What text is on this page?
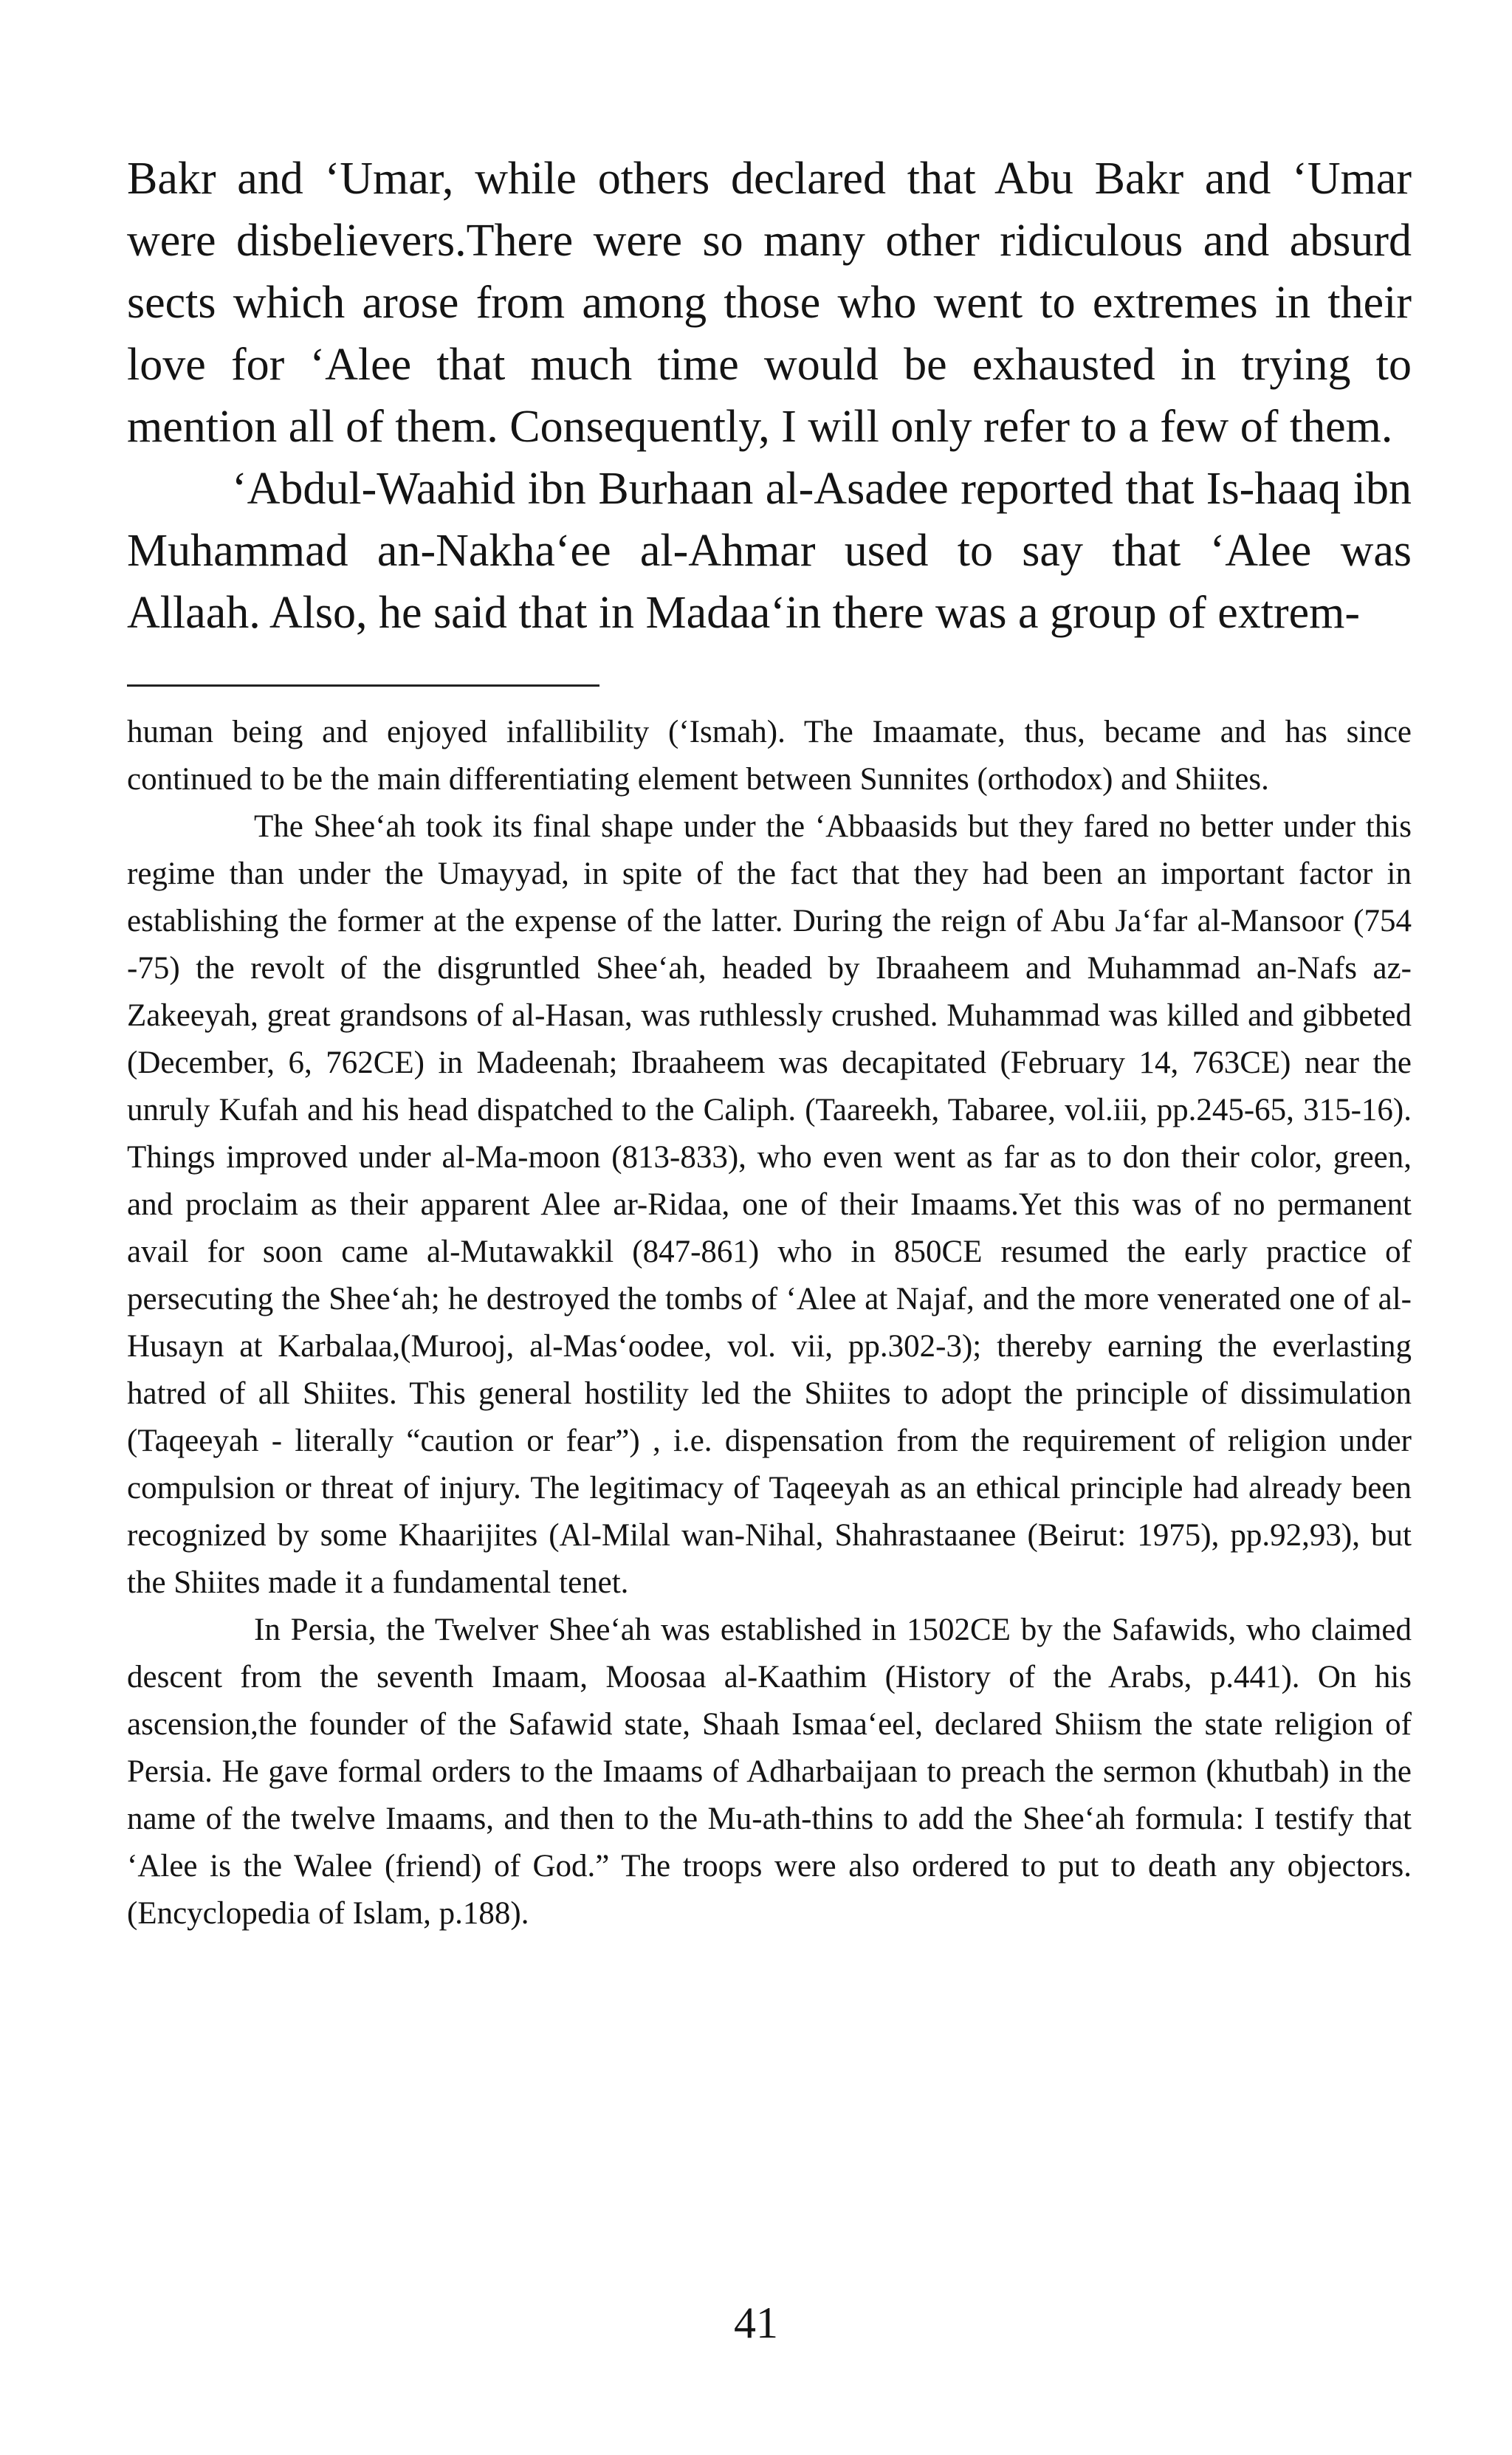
Bakr and ‘Umar, while others declared that Abu Bakr and ‘Umar were disbelievers.There were so many other ridiculous and absurd sects which arose from among those who went to extremes in their love for ‘Alee that much time would be exhausted in trying to mention all of them. Consequently, I will only refer to a few of them.

‘Abdul-Waahid ibn Burhaan al-Asadee reported that Is-haaq ibn Muhammad an-Nakha‘ee al-Ahmar used to say that ‘Alee was Allaah. Also, he said that in Madaa‘in there was a group of extrem-

human being and enjoyed infallibility (‘Ismah). The Imaamate, thus, became and has since continued to be the main differentiating element between Sunnites (orthodox) and Shiites.

The Shee‘ah took its final shape under the ‘Abbaasids but they fared no better under this regime than under the Umayyad, in spite of the fact that they had been an important factor in establishing the former at the expense of the latter. During the reign of Abu Ja‘far al-Mansoor (754 -75) the revolt of the disgruntled Shee‘ah, headed by Ibraaheem and Muhammad an-Nafs az-Zakeeyah, great grandsons of al-Hasan, was ruthlessly crushed. Muhammad was killed and gibbeted (December, 6, 762CE) in Madeenah; Ibraaheem was decapitated (February 14, 763CE) near the unruly Kufah and his head dispatched to the Caliph. (Taareekh, Tabaree, vol.iii, pp.245-65, 315-16). Things improved under al-Ma-moon (813-833), who even went as far as to don their color, green, and proclaim as their apparent Alee ar-Ridaa, one of their Imaams.Yet this was of no permanent avail for soon came al-Mutawakkil (847-861) who in 850CE resumed the early practice of persecuting the Shee‘ah; he destroyed the tombs of ‘Alee at Najaf, and the more venerated one of al-Husayn at Karbalaa,(Murooj, al-Mas‘oodee, vol. vii, pp.302-3); thereby earning the everlasting hatred of all Shiites. This general hostility led the Shiites to adopt the principle of dissimulation (Taqeeyah - literally “caution or fear”) , i.e. dispensation from the requirement of religion under compulsion or threat of injury. The legitimacy of Taqeeyah as an ethical principle had already been recognized by some Khaarijites (Al-Milal wan-Nihal, Shahrastaanee (Beirut: 1975), pp.92,93), but the Shiites made it a fundamental tenet.

In Persia, the Twelver Shee‘ah was established in 1502CE by the Safawids, who claimed descent from the seventh Imaam, Moosaa al-Kaathim (History of the Arabs, p.441). On his ascension,the founder of the Safawid state, Shaah Ismaa‘eel, declared Shiism the state religion of Persia. He gave formal orders to the Imaams of Adharbaijaan to preach the sermon (khutbah) in the name of the twelve Imaams, and then to the Mu-ath-thins to add the Shee‘ah formula: I testify that ‘Alee is the Walee (friend) of God.” The troops were also ordered to put to death any objectors. (Encyclopedia of Islam, p.188).

41
